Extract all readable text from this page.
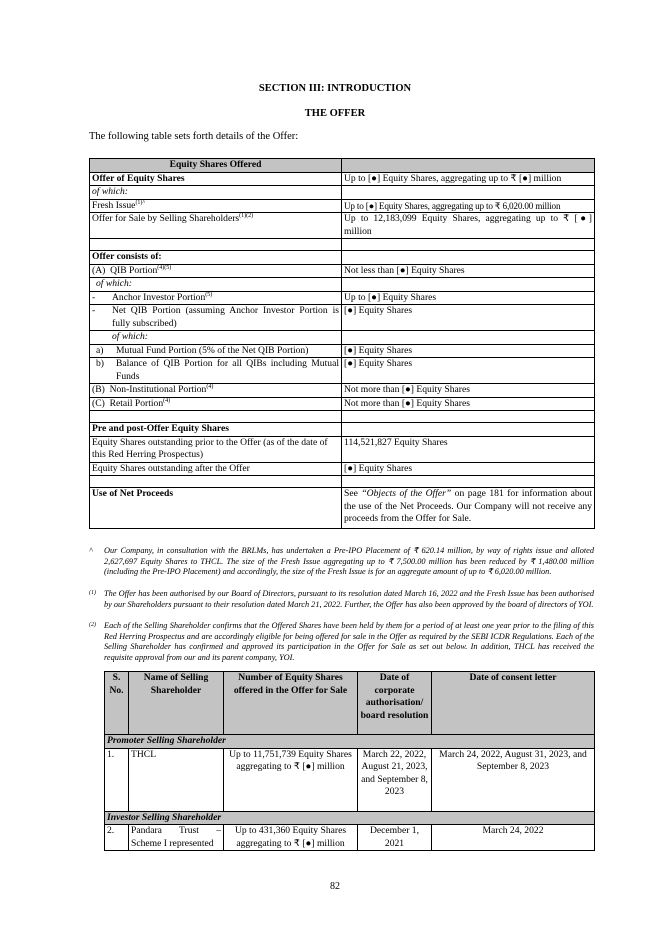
SECTION III: INTRODUCTION
THE OFFER
The following table sets forth details of the Offer:
Equity Shares Offered	
Offer of Equity Shares	Up to [●] Equity Shares, aggregating up to ₹ [●] million
of which:	
Fresh Issue$^{(1)\^{}}$	Up to [●] Equity Shares, aggregating up to ₹ 6,020.00 million
Offer for Sale by Selling Shareholders$^{(1)(2)}$	Up to 12,183,099 Equity Shares, aggregating up to ₹ [●] million

Offer consists of:	
(A)  QIB Portion$^{(4)(5)}$	Not less than [●] Equity Shares
of which:	
- Anchor Investor Portion$^{(5)}$	Up to [●] Equity Shares

- Net QIB Portion (assuming Anchor Investor Portion is fully subscribed)	[●] Equity Shares
of which:	

a) Mutual Fund Portion (5% of the Net QIB Portion)	[●] Equity Shares

b) Balance of QIB Portion for all QIBs including Mutual Funds	[●] Equity Shares
(B)  Non-Institutional Portion$^{(4)}$	Not more than [●] Equity Shares
(C)  Retail Portion$^{(4)}$	Not more than [●] Equity Shares

Pre and post-Offer Equity Shares	
Equity Shares outstanding prior to the Offer (as of the date of this Red Herring Prospectus)	114,521,827 Equity Shares
Equity Shares outstanding after the Offer	[●] Equity Shares

Use of Net Proceeds	See “Objects of the Offer” on page 181 for information about the use of the Net Proceeds. Our Company will not receive any proceeds from the Offer for Sale.
^ Our Company, in consultation with the BRLMs, has undertaken a Pre-IPO Placement of ₹ 620.14 million, by way of rights issue and alloted 2,627,697 Equity Shares to THCL. The size of the Fresh Issue aggregating up to ₹ 7,500.00 million has been reduced by ₹ 1,480.00 million (including the Pre-IPO Placement) and accordingly, the size of the Fresh Issue is for an aggregate amount of up to ₹ 6,020.00 million.
(1) The Offer has been authorised by our Board of Directors, pursuant to its resolution dated March 16, 2022 and the Fresh Issue has been authorised by our Shareholders pursuant to their resolution dated March 21, 2022. Further, the Offer has also been approved by the board of directors of YOI.
(2) Each of the Selling Shareholder confirms that the Offered Shares have been held by them for a period of at least one year prior to the filing of this Red Herring Prospectus and are accordingly eligible for being offered for sale in the Offer as required by the SEBI ICDR Regulations. Each of the Selling Shareholder has confirmed and approved its participation in the Offer for Sale as set out below. In addition, THCL has received the requisite approval from our and its parent company, YOI.
S. No.	Name of Selling Shareholder	Number of Equity Shares offered in the Offer for Sale	Date of corporate authorisation/ board resolution	Date of consent letter
Promoter Selling Shareholder				
1.	THCL	Up to 11,751,739 Equity Shares aggregating to ₹ [●] million	March 22, 2022, August 21, 2023, and September 8, 2023	March 24, 2022, August 31, 2023, and September 8, 2023
Investor Selling Shareholder				
2.	Pandara Trust – Scheme I represented	Up to 431,360 Equity Shares aggregating to ₹ [●] million	December 1, 2021	March 24, 2022
82
